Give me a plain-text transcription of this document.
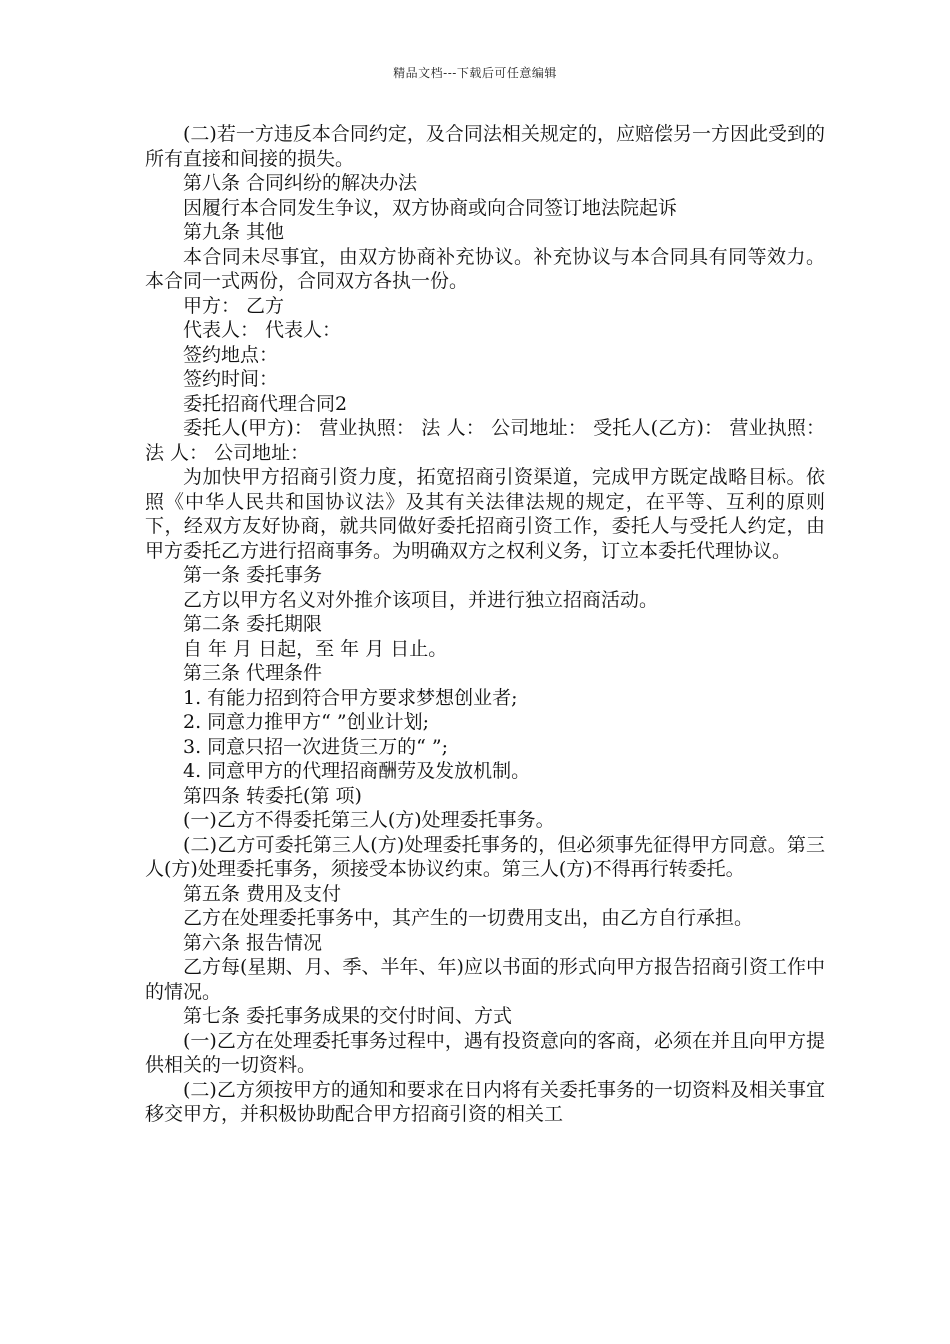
精品文档---下载后可任意编辑

(二)若一方违反本合同约定，及合同法相关规定的，应赔偿另一方因此受到的所有直接和间接的损失。

第八条 合同纠纷的解决办法

因履行本合同发生争议，双方协商或向合同签订地法院起诉

第九条 其他

本合同未尽事宜，由双方协商补充协议。补充协议与本合同具有同等效力。 本合同一式两份，合同双方各执一份。

甲方： 乙方

代表人： 代表人：

签约地点：

签约时间：

委托招商代理合同2

委托人(甲方)： 营业执照： 法 人： 公司地址： 受托人(乙方)： 营业执照： 法 人： 公司地址：

为加快甲方招商引资力度，拓宽招商引资渠道，完成甲方既定战略目标。依照《中华人民共和国协议法》及其有关法律法规的规定，在平等、互利的原则下，经双方友好协商，就共同做好委托招商引资工作，委托人与受托人约定，由甲方委托乙方进行招商事务。为明确双方之权利义务，订立本委托代理协议。

第一条 委托事务

乙方以甲方名义对外推介该项目，并进行独立招商活动。

第二条 委托期限

自 年 月 日起，至 年 月 日止。

第三条 代理条件

1. 有能力招到符合甲方要求梦想创业者;

2. 同意力推甲方“ ”创业计划;

3. 同意只招一次进货三万的“ ”;

4. 同意甲方的代理招商酬劳及发放机制。

第四条 转委托(第 项)

(一)乙方不得委托第三人(方)处理委托事务。

(二)乙方可委托第三人(方)处理委托事务的，但必须事先征得甲方同意。第三人(方)处理委托事务，须接受本协议约束。第三人(方)不得再行转委托。

第五条 费用及支付

乙方在处理委托事务中，其产生的一切费用支出，由乙方自行承担。

第六条 报告情况

乙方每(星期、月、季、半年、年)应以书面的形式向甲方报告招商引资工作中的情况。

第七条 委托事务成果的交付时间、方式

(一)乙方在处理委托事务过程中，遇有投资意向的客商，必须在并且向甲方提供相关的一切资料。

(二)乙方须按甲方的通知和要求在日内将有关委托事务的一切资料及相关事宜移交甲方，并积极协助配合甲方招商引资的相关工
